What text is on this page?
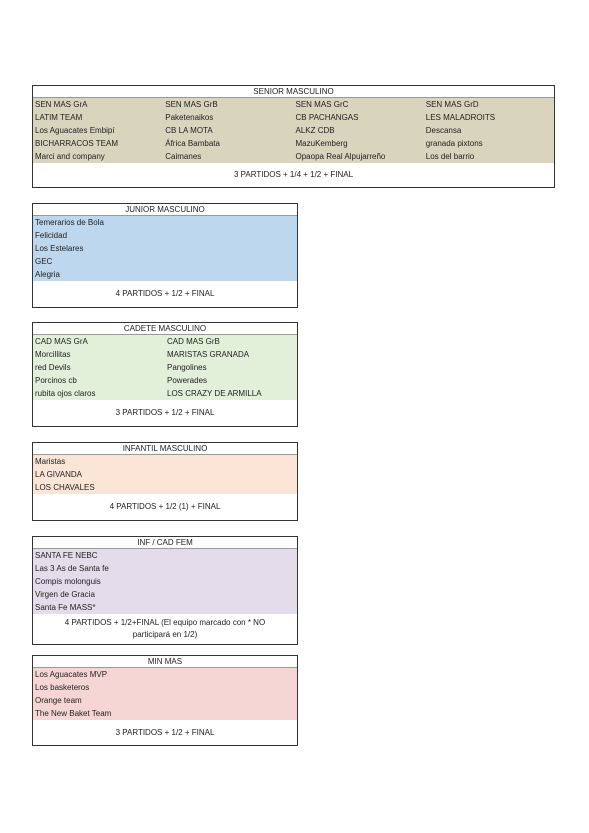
SENIOR MASCULINO
SEN MAS GrA	SEN MAS GrB	SEN MAS GrC	SEN MAS GrD
LATIM TEAM	Paketenaikos	CB PACHANGAS	LES MALADROITS
Los Aguacates Embipí	CB LA MOTA	ALKZ CDB	Descansa
BICHARRACOS TEAM	África Bambata	MazuKemberg	granada pixtons
Marci and company	Caimanes	Opaopa Real Alpujarreño	Los del barrio
3 PARTIDOS + 1/4 + 1/2 + FINAL
JUNIOR MASCULINO
Temerarios de Bola
Felicidad
Los Estelares
GEC
Alegria
4 PARTIDOS + 1/2 + FINAL
CADETE MASCULINO
CAD MAS GrA	CAD MAS GrB
Morcillitas	MARISTAS GRANADA
red Devils	Pangolines
Porcinos cb	Powerades
rubita ojos claros	LOS CRAZY DE ARMILLA
3 PARTIDOS + 1/2 + FINAL
INFANTIL MASCULINO
Maristas
LA GIVANDA
LOS CHAVALES
4 PARTIDOS + 1/2 (1) + FINAL
INF / CAD FEM
SANTA FE NEBC
Las 3 As de Santa fe
Compis molonguis
Virgen de Gracia
Santa Fe MASS*
4 PARTIDOS + 1/2+FINAL (El equipo marcado con * NO participará en 1/2)
MIN MAS
Los Aguacates MVP
Los basketeros
Orange team
The New Baket Team
3 PARTIDOS + 1/2 + FINAL
